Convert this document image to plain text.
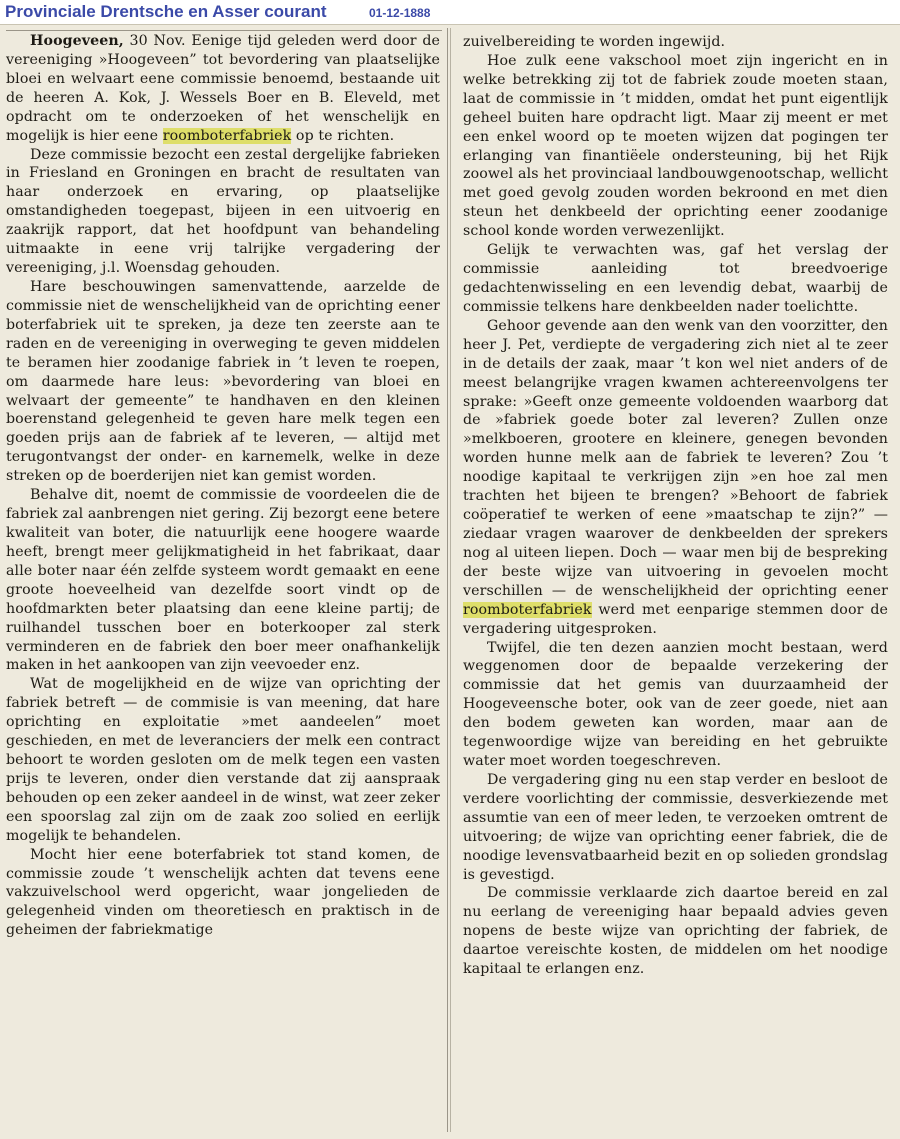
Provinciale Drentsche en Asser courant	01-12-1888

Hoogeveen, 30 Nov. Eenige tijd geleden werd door de vereeniging »Hoogeveen” tot bevordering van plaatselijke bloei en welvaart eene commissie benoemd, bestaande uit de heeren A. Kok, J. Wessels Boer en B. Eleveld, met opdracht om te onderzoeken of het wenschelijk en mogelijk is hier eene roomboterfabriek op te richten.

Deze commissie bezocht een zestal dergelijke fabrieken in Friesland en Groningen en bracht de resultaten van haar onderzoek en ervaring, op plaatselijke omstandigheden toegepast, bijeen in een uitvoerig en zaakrijk rapport, dat het hoofdpunt van behandeling uitmaakte in eene vrij talrijke vergadering der vereeniging, j.l. Woensdag gehouden.

Hare beschouwingen samenvattende, aarzelde de commissie niet de wenschelijkheid van de oprichting eener boterfabriek uit te spreken, ja deze ten zeerste aan te raden en de vereeniging in overweging te geven middelen te beramen hier zoodanige fabriek in ’t leven te roepen, om daarmede hare leus: »bevordering van bloei en welvaart der gemeente” te handhaven en den kleinen boerenstand gelegenheid te geven hare melk tegen een goeden prijs aan de fabriek af te leveren, — altijd met terugontvangst der onder- en karnemelk, welke in deze streken op de boerderijen niet kan gemist worden.

Behalve dit, noemt de commissie de voordeelen die de fabriek zal aanbrengen niet gering. Zij bezorgt eene betere kwaliteit van boter, die natuurlijk eene hoogere waarde heeft, brengt meer gelijkmatigheid in het fabrikaat, daar alle boter naar één zelfde systeem wordt gemaakt en eene groote hoeveelheid van dezelfde soort vindt op de hoofdmarkten beter plaatsing dan eene kleine partij; de ruilhandel tusschen boer en boterkooper zal sterk verminderen en de fabriek den boer meer onafhankelijk maken in het aankoopen van zijn veevoeder enz.

Wat de mogelijkheid en de wijze van oprichting der fabriek betreft — de commisie is van meening, dat hare oprichting en exploitatie »met aandeelen” moet geschieden, en met de leveranciers der melk een contract behoort te worden gesloten om de melk tegen een vasten prijs te leveren, onder dien verstande dat zij aanspraak behouden op een zeker aandeel in de winst, wat zeer zeker een spoorslag zal zijn om de zaak zoo solied en eerlijk mogelijk te behandelen.

Mocht hier eene boterfabriek tot stand komen, de commissie zoude ’t wenschelijk achten dat tevens eene vakzuivelschool werd opgericht, waar jongelieden de gelegenheid vinden om theoretiesch en praktisch in de geheimen der fabriekmatige

zuivelbereiding te worden ingewijd.

Hoe zulk eene vakschool moet zijn ingericht en in welke betrekking zij tot de fabriek zoude moeten staan, laat de commissie in ’t midden, omdat het punt eigentlijk geheel buiten hare opdracht ligt. Maar zij meent er met een enkel woord op te moeten wijzen dat pogingen ter erlanging van finantiëele ondersteuning, bij het Rijk zoowel als het provinciaal landbouwgenootschap, wellicht met goed gevolg zouden worden bekroond en met dien steun het denkbeeld der oprichting eener zoodanige school konde worden verwezenlijkt.

Gelijk te verwachten was, gaf het verslag der commissie aanleiding tot breedvoerige gedachtenwisseling en een levendig debat, waarbij de commissie telkens hare denkbeelden nader toelichtte.

Gehoor gevende aan den wenk van den voorzitter, den heer J. Pet, verdiepte de vergadering zich niet al te zeer in de details der zaak, maar ’t kon wel niet anders of de meest belangrijke vragen kwamen achtereenvolgens ter sprake: »Geeft onze gemeente voldoenden waarborg dat de »fabriek goede boter zal leveren? Zullen onze »melkboeren, grootere en kleinere, genegen bevonden worden hunne melk aan de fabriek te leveren? Zou ’t noodige kapitaal te verkrijgen zijn »en hoe zal men trachten het bijeen te brengen? »Behoort de fabriek coöperatief te werken of eene »maatschap te zijn?” — ziedaar vragen waarover de denkbeelden der sprekers nog al uiteen liepen. Doch — waar men bij de bespreking der beste wijze van uitvoering in gevoelen mocht verschillen — de wenschelijkheid der oprichting eener roomboterfabriek werd met eenparige stemmen door de vergadering uitgesproken.

Twijfel, die ten dezen aanzien mocht bestaan, werd weggenomen door de bepaalde verzekering der commissie dat het gemis van duurzaamheid der Hoogeveensche boter, ook van de zeer goede, niet aan den bodem geweten kan worden, maar aan de tegenwoordige wijze van bereiding en het gebruikte water moet worden toegeschreven.

De vergadering ging nu een stap verder en besloot de verdere voorlichting der commissie, desverkiezende met assumtie van een of meer leden, te verzoeken omtrent de uitvoering; de wijze van oprichting eener fabriek, die de noodige levensvatbaarheid bezit en op solieden grondslag is gevestigd.

De commissie verklaarde zich daartoe bereid en zal nu eerlang de vereeniging haar bepaald advies geven nopens de beste wijze van oprichting der fabriek, de daartoe vereischte kosten, de middelen om het noodige kapitaal te erlangen enz.
